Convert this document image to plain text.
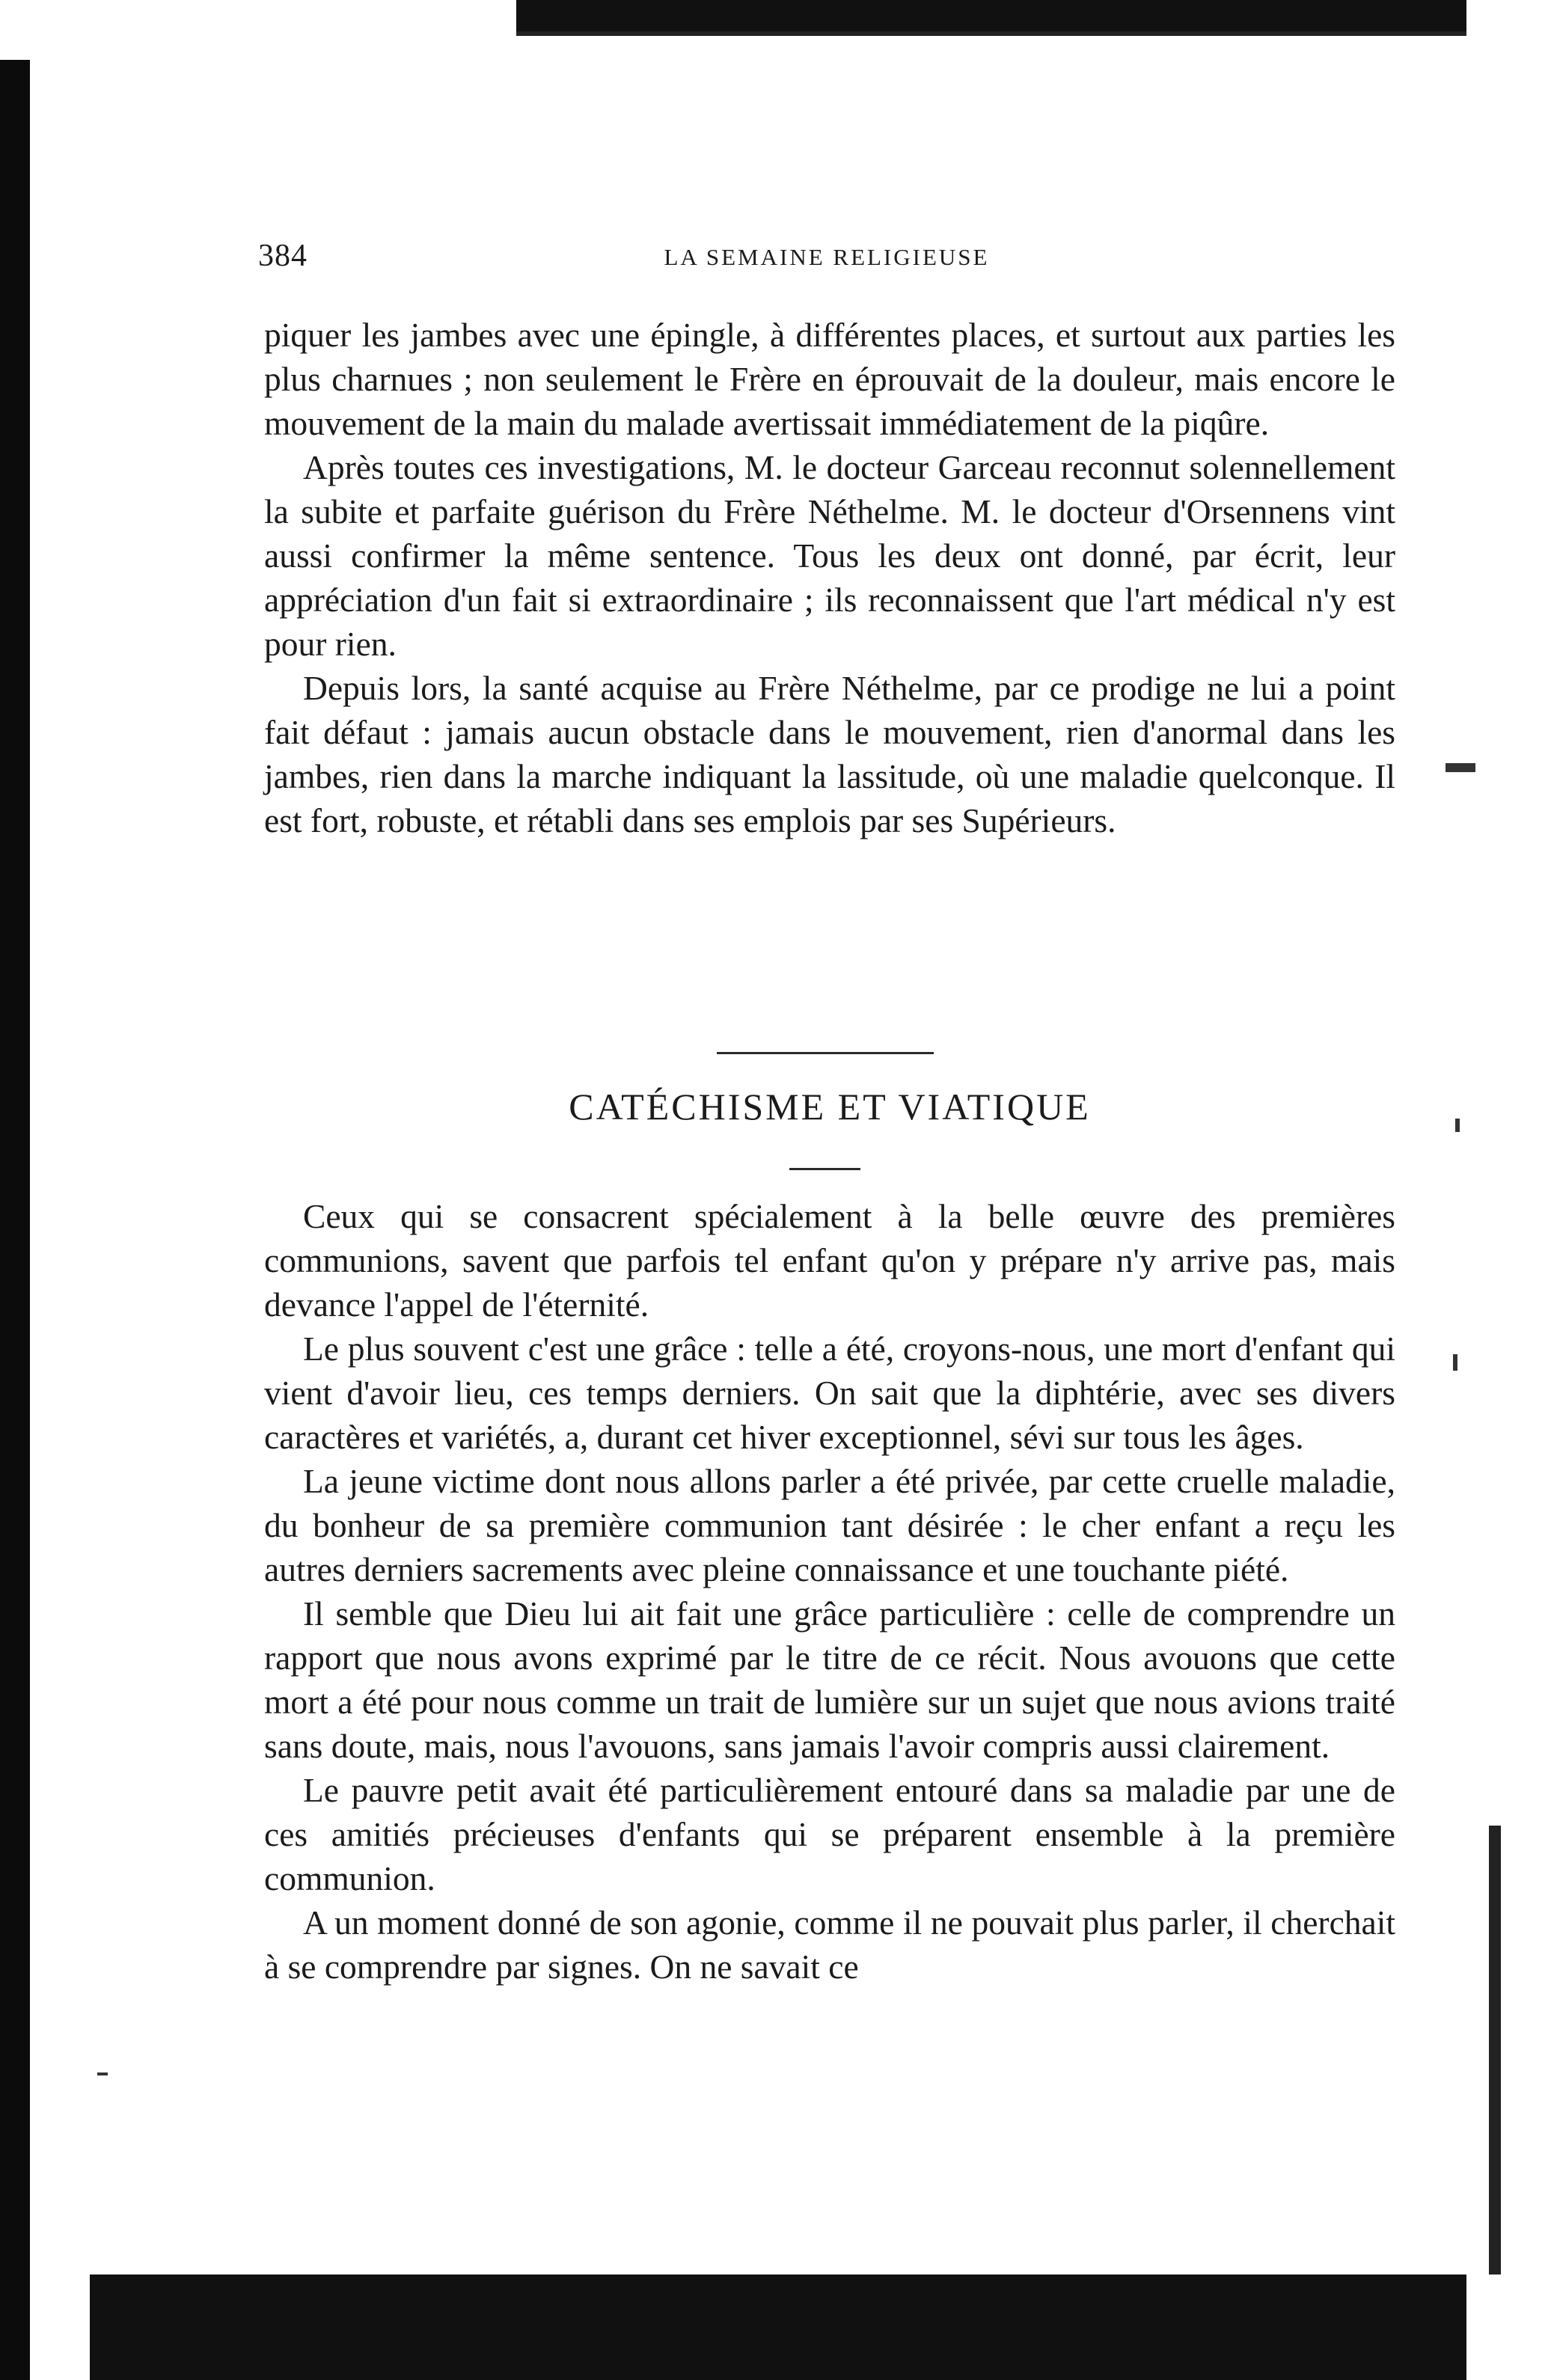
384	LA SEMAINE RELIGIEUSE

piquer les jambes avec une épingle, à différentes places, et surtout aux parties les plus charnues ; non seulement le Frère en éprouvait de la douleur, mais encore le mouvement de la main du malade avertissait immédiatement de la piqûre.

Après toutes ces investigations, M. le docteur Garceau reconnut solennellement la subite et parfaite guérison du Frère Néthelme. M. le docteur d'Orsennens vint aussi confirmer la même sentence. Tous les deux ont donné, par écrit, leur appréciation d'un fait si extraordinaire ; ils reconnaissent que l'art médical n'y est pour rien.

Depuis lors, la santé acquise au Frère Néthelme, par ce prodige ne lui a point fait défaut : jamais aucun obstacle dans le mouvement, rien d'anormal dans les jambes, rien dans la marche indiquant la lassitude, où une maladie quelconque. Il est fort, robuste, et rétabli dans ses emplois par ses Supérieurs.

CATÉCHISME ET VIATIQUE

Ceux qui se consacrent spécialement à la belle œuvre des premières communions, savent que parfois tel enfant qu'on y prépare n'y arrive pas, mais devance l'appel de l'éternité.

Le plus souvent c'est une grâce : telle a été, croyons-nous, une mort d'enfant qui vient d'avoir lieu, ces temps derniers. On sait que la diphtérie, avec ses divers caractères et variétés, a, durant cet hiver exceptionnel, sévi sur tous les âges.

La jeune victime dont nous allons parler a été privée, par cette cruelle maladie, du bonheur de sa première communion tant désirée : le cher enfant a reçu les autres derniers sacrements avec pleine connaissance et une touchante piété.

Il semble que Dieu lui ait fait une grâce particulière : celle de comprendre un rapport que nous avons exprimé par le titre de ce récit. Nous avouons que cette mort a été pour nous comme un trait de lumière sur un sujet que nous avions traité sans doute, mais, nous l'avouons, sans jamais l'avoir compris aussi clairement.

Le pauvre petit avait été particulièrement entouré dans sa maladie par une de ces amitiés précieuses d'enfants qui se préparent ensemble à la première communion.

A un moment donné de son agonie, comme il ne pouvait plus parler, il cherchait à se comprendre par signes. On ne savait ce
